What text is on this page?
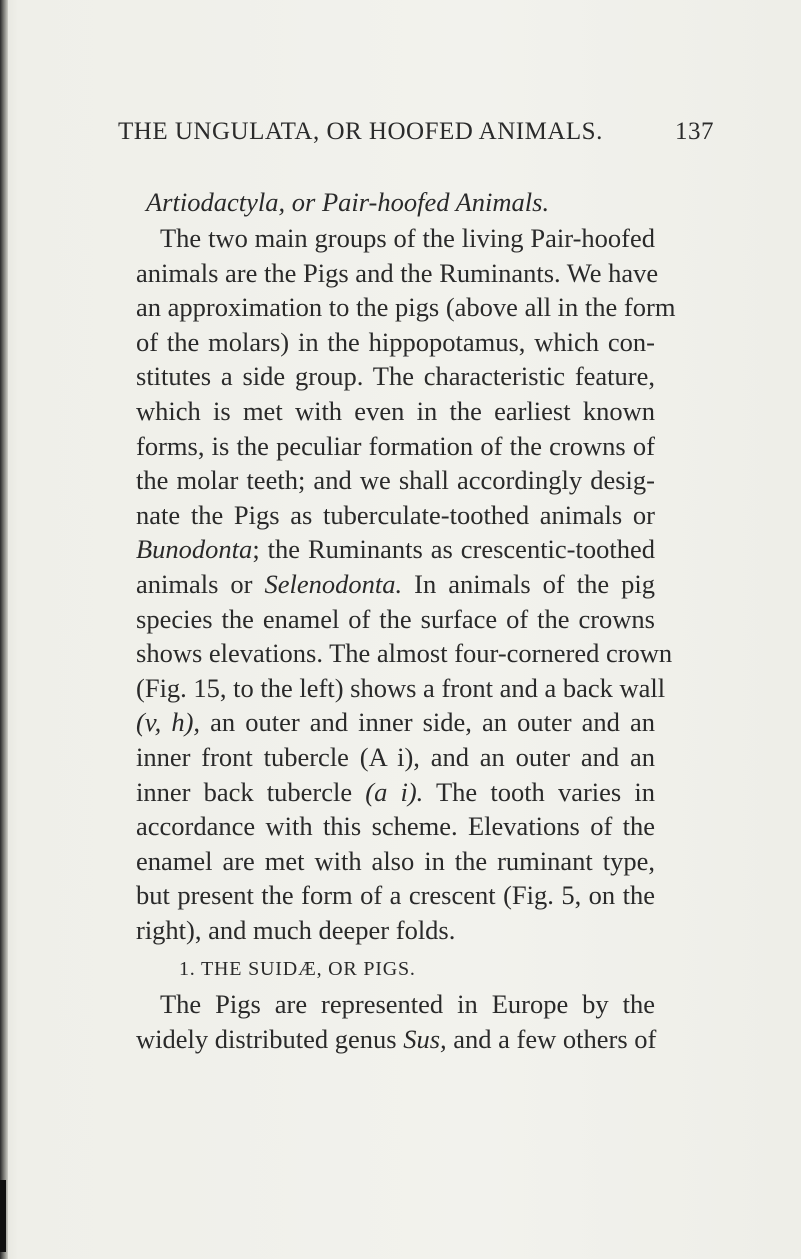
THE UNGULATA, OR HOOFED ANIMALS.	137
Artiodactyla, or Pair-hoofed Animals.
The two main groups of the living Pair-hoofed
animals are the Pigs and the Ruminants. We have
an approximation to the pigs (above all in the form
of the molars) in the hippopotamus, which con-
stitutes a side group. The characteristic feature,
which is met with even in the earliest known
forms, is the peculiar formation of the crowns of
the molar teeth; and we shall accordingly desig-
nate the Pigs as tuberculate-toothed animals or
Bunodonta; the Ruminants as crescentic-toothed
animals or Selenodonta. In animals of the pig
species the enamel of the surface of the crowns
shows elevations. The almost four-cornered crown
(Fig. 15, to the left) shows a front and a back wall
(v, h), an outer and inner side, an outer and an
inner front tubercle (A i), and an outer and an
inner back tubercle (a i). The tooth varies in
accordance with this scheme. Elevations of the
enamel are met with also in the ruminant type,
but present the form of a crescent (Fig. 5, on the
right), and much deeper folds.
1. THE SUIDÆ, OR PIGS.
The Pigs are represented in Europe by the
widely distributed genus Sus, and a few others of
